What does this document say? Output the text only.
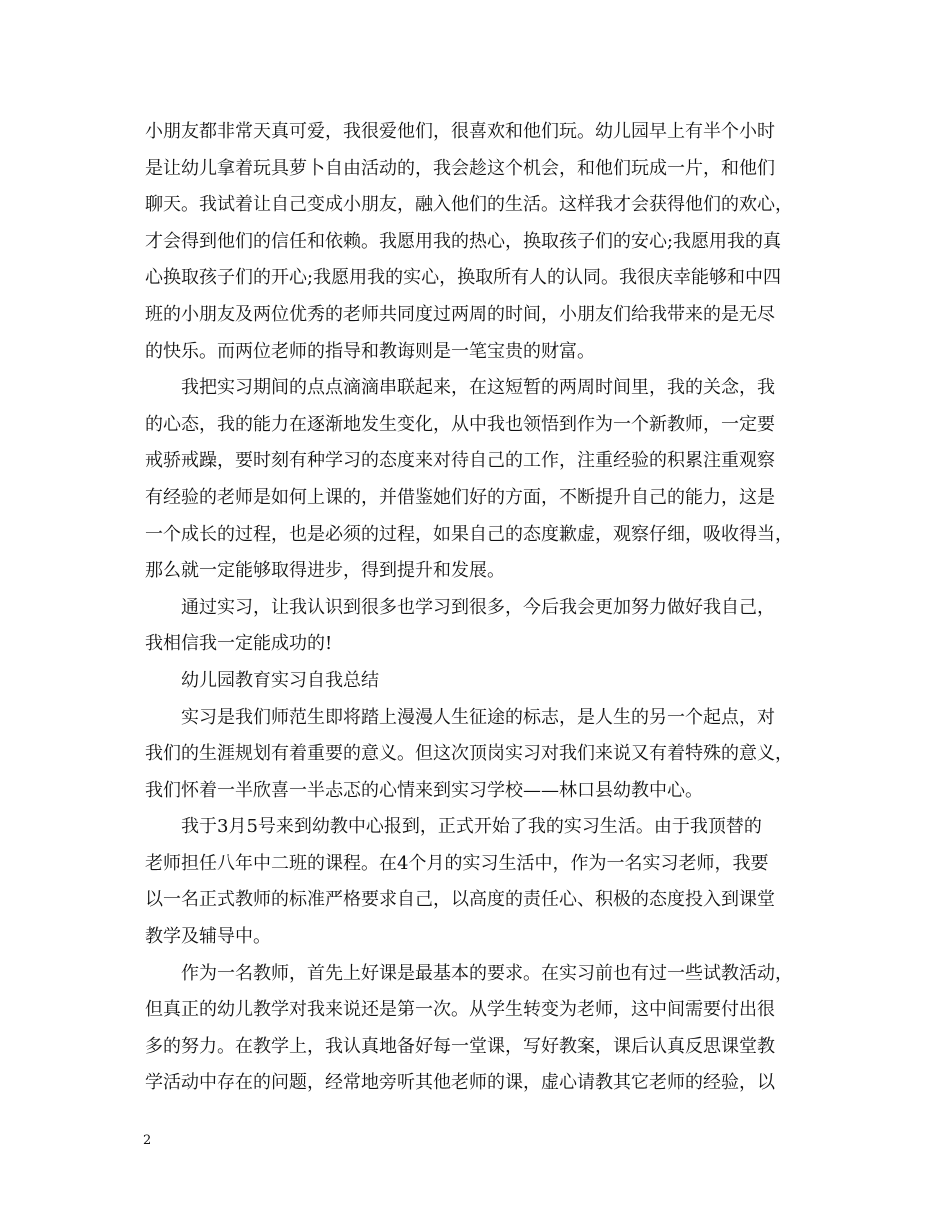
小朋友都非常天真可爱，我很爱他们，很喜欢和他们玩。幼儿园早上有半个小时
是让幼儿拿着玩具萝卜自由活动的，我会趁这个机会，和他们玩成一片，和他们
聊天。我试着让自己变成小朋友，融入他们的生活。这样我才会获得他们的欢心，
才会得到他们的信任和依赖。我愿用我的热心，换取孩子们的安心;我愿用我的真
心换取孩子们的开心;我愿用我的实心，换取所有人的认同。我很庆幸能够和中四
班的小朋友及两位优秀的老师共同度过两周的时间，小朋友们给我带来的是无尽
的快乐。而两位老师的指导和教诲则是一笔宝贵的财富。
　　我把实习期间的点点滴滴串联起来，在这短暂的两周时间里，我的关念，我
的心态，我的能力在逐渐地发生变化，从中我也领悟到作为一个新教师，一定要
戒骄戒躁，要时刻有种学习的态度来对待自己的工作，注重经验的积累注重观察
有经验的老师是如何上课的，并借鉴她们好的方面，不断提升自己的能力，这是
一个成长的过程，也是必须的过程，如果自己的态度歉虚，观察仔细，吸收得当，
那么就一定能够取得进步，得到提升和发展。
　　通过实习，让我认识到很多也学习到很多，今后我会更加努力做好我自己，
我相信我一定能成功的!
　　幼儿园教育实习自我总结
　　实习是我们师范生即将踏上漫漫人生征途的标志，是人生的另一个起点，对
我们的生涯规划有着重要的意义。但这次顶岗实习对我们来说又有着特殊的意义，
我们怀着一半欣喜一半忐忑的心情来到实习学校——林口县幼教中心。
　　我于3月5号来到幼教中心报到，正式开始了我的实习生活。由于我顶替的
老师担任八年中二班的课程。在4个月的实习生活中，作为一名实习老师，我要
以一名正式教师的标准严格要求自己，以高度的责任心、积极的态度投入到课堂
教学及辅导中。
　　作为一名教师，首先上好课是最基本的要求。在实习前也有过一些试教活动，
但真正的幼儿教学对我来说还是第一次。从学生转变为老师，这中间需要付出很
多的努力。在教学上，我认真地备好每一堂课，写好教案，课后认真反思课堂教
学活动中存在的问题，经常地旁听其他老师的课，虚心请教其它老师的经验，以
2
